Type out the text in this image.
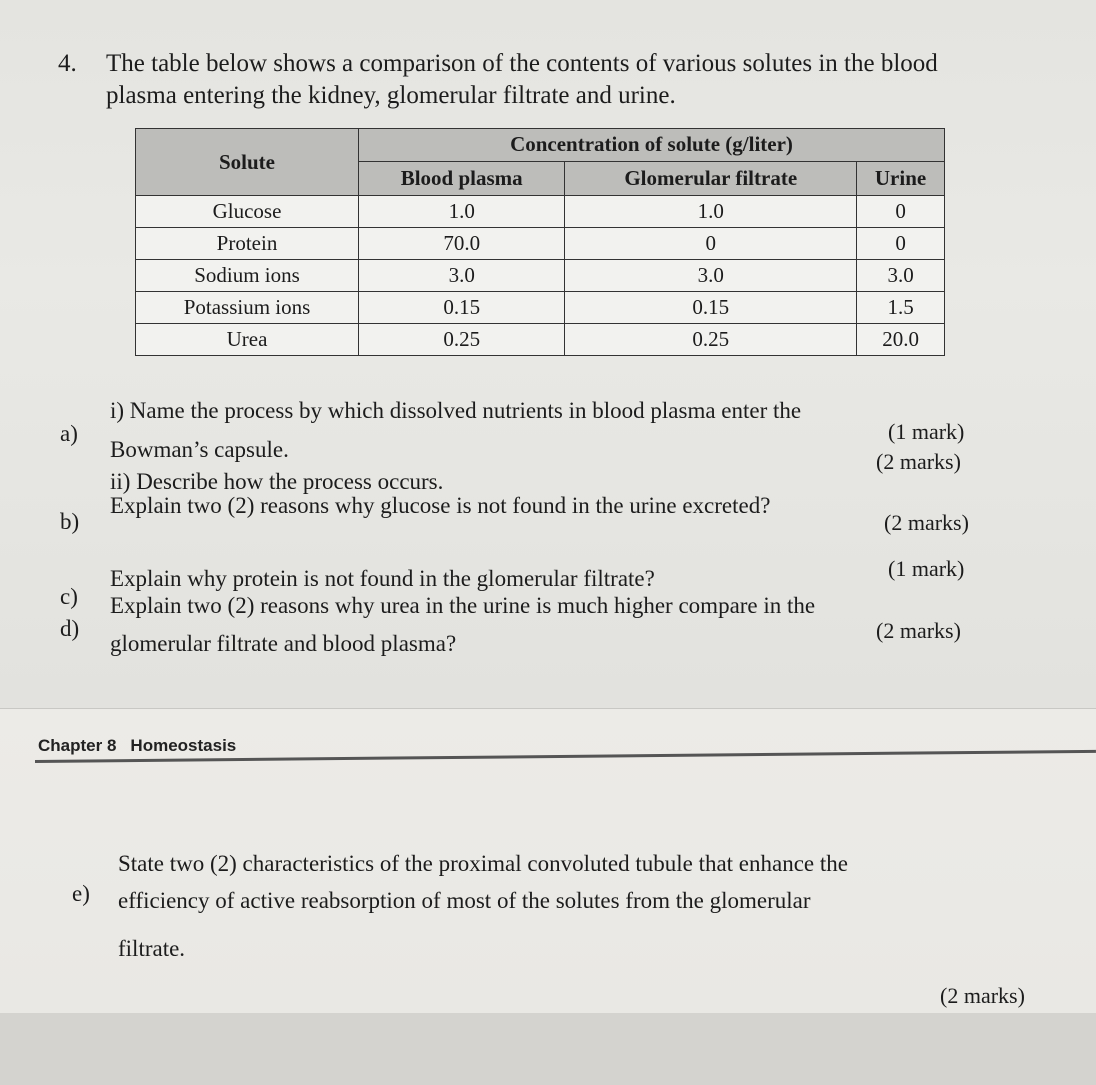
4. The table below shows a comparison of the contents of various solutes in the blood plasma entering the kidney, glomerular filtrate and urine.
Solute	Concentration of solute (g/liter)		
	Blood plasma	Glomerular filtrate	Urine
Glucose	1.0	1.0	0
Protein	70.0	0	0
Sodium ions	3.0	3.0	3.0
Potassium ions	0.15	0.15	1.5
Urea	0.25	0.25	20.0
a)
i) Name the process by which dissolved nutrients in blood plasma enter the
Bowman’s capsule.
(1 mark)
ii) Describe how the process occurs.
(2 marks)
b)
Explain two (2) reasons why glucose is not found in the urine excreted?
(2 marks)
c)
Explain why protein is not found in the glomerular filtrate?	(1 mark)
d)
Explain two (2) reasons why urea in the urine is much higher compare in the
glomerular filtrate and blood plasma?
(2 marks)
Chapter 8 Homeostasis
e)
State two (2) characteristics of the proximal convoluted tubule that enhance the
efficiency of active reabsorption of most of the solutes from the glomerular
filtrate.
(2 marks)
